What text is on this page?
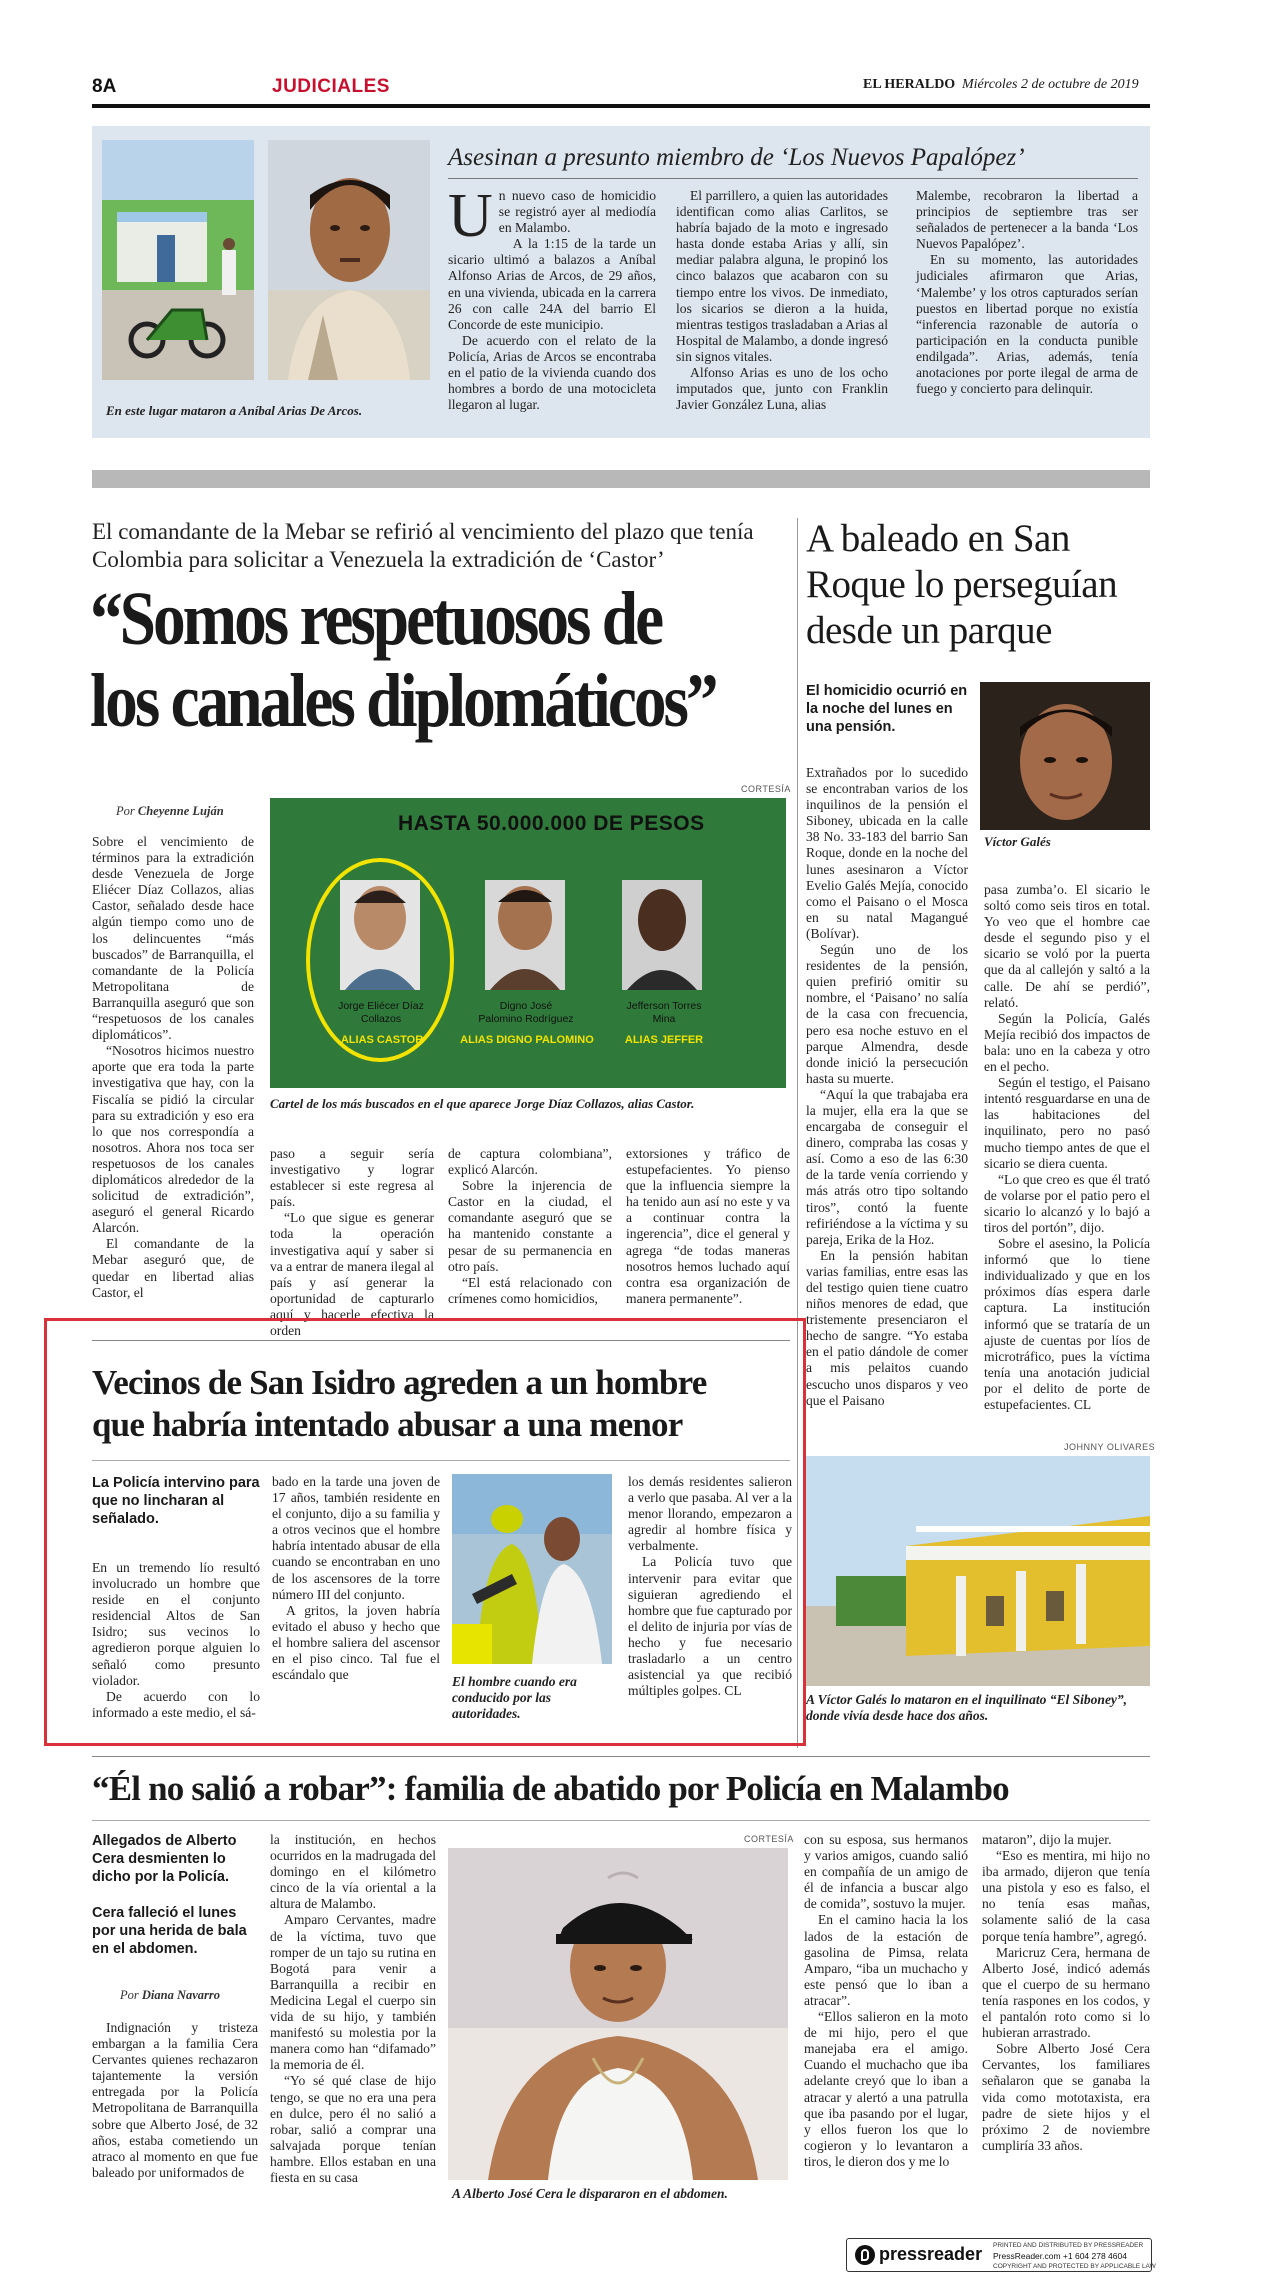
8A	JUDICIALES	EL HERALDO Miércoles 2 de octubre de 2019
En este lugar mataron a Aníbal Arias De Arcos.
Asesinan a presunto miembro de ‘Los Nuevos Papalópez’
U n nuevo caso de homicidio se registró ayer al mediodía en Malambo.

A la 1:15 de la tarde un sicario ultimó a balazos a Aníbal Alfonso Arias de Arcos, de 29 años, en una vivienda, ubicada en la carrera 26 con calle 24A del barrio El Concorde de este municipio.

De acuerdo con el relato de la Policía, Arias de Arcos se encontraba en el patio de la vivienda cuando dos hombres a bordo de una motocicleta llegaron al lugar.

El parrillero, a quien las autoridades identifican como alias Carlitos, se habría bajado de la moto e ingresado hasta donde estaba Arias y allí, sin mediar palabra alguna, le propinó los cinco balazos que acabaron con su tiempo entre los vivos. De inmediato, los sicarios se dieron a la huida, mientras testigos trasladaban a Arias al Hospital de Malambo, a donde ingresó sin signos vitales.

Alfonso Arias es uno de los ocho imputados que, junto con Franklin Javier González Luna, alias

Malembe, recobraron la libertad a principios de septiembre tras ser señalados de pertenecer a la banda ‘Los Nuevos Papalópez’.

En su momento, las autoridades judiciales afirmaron que Arias, ‘Malembe’ y los otros capturados serían puestos en libertad porque no existía “inferencia razonable de autoría o participación en la conducta punible endilgada”. Arias, además, tenía anotaciones por porte ilegal de arma de fuego y concierto para delinquir.

El comandante de la Mebar se refirió al vencimiento del plazo que tenía Colombia para solicitar a Venezuela la extradición de ‘Castor’
“Somos respetuosos de
los canales diplomáticos”
CORTESÍA
Por Cheyenne Luján
HASTA 50.000.000 DE PESOS
Jorge Eliécer Díaz Collazos
ALIAS CASTOR
Digno José Palomino Rodríguez
ALIAS DIGNO PALOMINO
Jefferson Torres Mina
ALIAS JEFFER
Cartel de los más buscados en el que aparece Jorge Díaz Collazos, alias Castor.

Sobre el vencimiento de términos para la extradición desde Venezuela de Jorge Eliécer Díaz Collazos, alias Castor, señalado desde hace algún tiempo como uno de los delincuentes “más buscados” de Barranquilla, el comandante de la Policía Metropolitana de Barranquilla aseguró que son “respetuosos de los canales diplomáticos”.

“Nosotros hicimos nuestro aporte que era toda la parte investigativa que hay, con la Fiscalía se pidió la circular para su extradición y eso era lo que nos correspondía a nosotros. Ahora nos toca ser respetuosos de los canales diplomáticos alrededor de la solicitud de extradición”, aseguró el general Ricardo Alarcón.

El comandante de la Mebar aseguró que, de quedar en libertad alias Castor, el

paso a seguir sería investigativo y lograr establecer si este regresa al país.

“Lo que sigue es generar toda la operación investigativa aquí y saber si va a entrar de manera ilegal al país y así generar la oportunidad de capturarlo aquí y hacerle efectiva la orden

de captura colombiana”, explicó Alarcón.

Sobre la injerencia de Castor en la ciudad, el comandante aseguró que se ha mantenido constante a pesar de su permanencia en otro país.

“El está relacionado con crímenes como homicidios,

extorsiones y tráfico de estupefacientes. Yo pienso que la influencia siempre la ha tenido aun así no este y va a continuar contra la ingerencia”, dice el general y agrega “de todas maneras nosotros hemos luchado aquí contra esa organización de manera permanente”.

A baleado en San Roque lo perseguían desde un parque
El homicidio ocurrió en la noche del lunes en una pensión.
Víctor Galés

Extrañados por lo sucedido se encontraban varios de los inquilinos de la pensión el Siboney, ubicada en la calle 38 No. 33-183 del barrio San Roque, donde en la noche del lunes asesinaron a Víctor Evelio Galés Mejía, conocido como el Paisano o el Mosca en su natal Magangué (Bolívar).

Según uno de los residentes de la pensión, quien prefirió omitir su nombre, el ‘Paisano’ no salía de la casa con frecuencia, pero esa noche estuvo en el parque Almendra, desde donde inició la persecución hasta su muerte.

“Aquí la que trabajaba era la mujer, ella era la que se encargaba de conseguir el dinero, compraba las cosas y así. Como a eso de las 6:30 de la tarde venía corriendo y más atrás otro tipo soltando tiros”, contó la fuente refiriéndose a la víctima y su pareja, Erika de la Hoz.

En la pensión habitan varias familias, entre esas las del testigo quien tiene cuatro niños menores de edad, que tristemente presenciaron el hecho de sangre. “Yo estaba en el patio dándole de comer a mis pelaitos cuando escucho unos disparos y veo que el Paisano

pasa zumba’o. El sicario le soltó como seis tiros en total. Yo veo que el hombre cae desde el segundo piso y el sicario se voló por la puerta que da al callejón y saltó a la calle. De ahí se perdió”, relató.

Según la Policía, Galés Mejía recibió dos impactos de bala: uno en la cabeza y otro en el pecho.

Según el testigo, el Paisano intentó resguardarse en una de las habitaciones del inquilinato, pero no pasó mucho tiempo antes de que el sicario se diera cuenta.

“Lo que creo es que él trató de volarse por el patio pero el sicario lo alcanzó y lo bajó a tiros del portón”, dijo.

Sobre el asesino, la Policía informó que lo tiene individualizado y que en los próximos días espera darle captura. La institución informó que se trataría de un ajuste de cuentas por líos de microtráfico, pues la víctima tenía una anotación judicial por el delito de porte de estupefacientes. CL

JOHNNY OLIVARES
A Víctor Galés lo mataron en el inquilinato “El Siboney”, donde vivía desde hace dos años.
Vecinos de San Isidro agreden a un hombre
que habría intentado abusar a una menor
La Policía intervino para que no lincharan al señalado.

En un tremendo lío resultó involucrado un hombre que reside en el conjunto residencial Altos de San Isidro; sus vecinos lo agredieron porque alguien lo señaló como presunto violador.

De acuerdo con lo informado a este medio, el sá-

bado en la tarde una joven de 17 años, también residente en el conjunto, dijo a su familia y a otros vecinos que el hombre habría intentado abusar de ella cuando se encontraban en uno de los ascensores de la torre número III del conjunto.

A gritos, la joven habría evitado el abuso y hecho que el hombre saliera del ascensor en el piso cinco. Tal fue el escándalo que	El hombre cuando era conducido por las autoridades.

los demás residentes salieron a verlo que pasaba. Al ver a la menor llorando, empezaron a agredir al hombre física y verbalmente.

La Policía tuvo que intervenir para evitar que siguieran agrediendo el hombre que fue capturado por el delito de injuria por vías de hecho y fue necesario trasladarlo a un centro asistencial ya que recibió múltiples golpes. CL

“Él no salió a robar”: familia de abatido por Policía en Malambo
Allegados de Alberto Cera desmienten lo dicho por la Policía.
Cera falleció el lunes por una herida de bala en el abdomen.
Por Diana Navarro

Indignación y tristeza embargan a la familia Cera Cervantes quienes rechazaron tajantemente la versión entregada por la Policía Metropolitana de Barranquilla sobre que Alberto José, de 32 años, estaba cometiendo un atraco al momento en que fue baleado por uniformados de

la institución, en hechos ocurridos en la madrugada del domingo en el kilómetro cinco de la vía oriental a la altura de Malambo.

Amparo Cervantes, madre de la víctima, tuvo que romper de un tajo su rutina en Bogotá para venir a Barranquilla a recibir en Medicina Legal el cuerpo sin vida de su hijo, y también manifestó su molestia por la manera como han “difamado” la memoria de él.

“Yo sé qué clase de hijo tengo, se que no era una pera en dulce, pero él no salió a robar, salió a comprar una salvajada porque tenían hambre. Ellos estaban en una fiesta en su casa

CORTESÍA
A Alberto José Cera le dispararon en el abdomen.

con su esposa, sus hermanos y varios amigos, cuando salió en compañía de un amigo de él de infancia a buscar algo de comida”, sostuvo la mujer.

En el camino hacia la los lados de la estación de gasolina de Pimsa, relata Amparo, “iba un muchacho y este pensó que lo iban a atracar”.

“Ellos salieron en la moto de mi hijo, pero el que manejaba era el amigo. Cuando el muchacho que iba adelante creyó que lo iban a atracar y alertó a una patrulla que iba pasando por el lugar, y ellos fueron los que lo cogieron y lo levantaron a tiros, le dieron dos y me lo

mataron”, dijo la mujer.

“Eso es mentira, mi hijo no iba armado, dijeron que tenía una pistola y eso es falso, el no tenía esas mañas, solamente salió de la casa porque tenía hambre”, agregó.

Maricruz Cera, hermana de Alberto José, indicó además que el cuerpo de su hermano tenía raspones en los codos, y el pantalón roto como si lo hubieran arrastrado.

Sobre Alberto José Cera Cervantes, los familiares señalaron que se ganaba la vida como mototaxista, era padre de siete hijos y el próximo 2 de noviembre cumpliría 33 años.

pressreader PRINTED AND DISTRIBUTED BY PRESSREADER
PressReader.com +1 604 278 4604
COPYRIGHT AND PROTECTED BY APPLICABLE LAW
